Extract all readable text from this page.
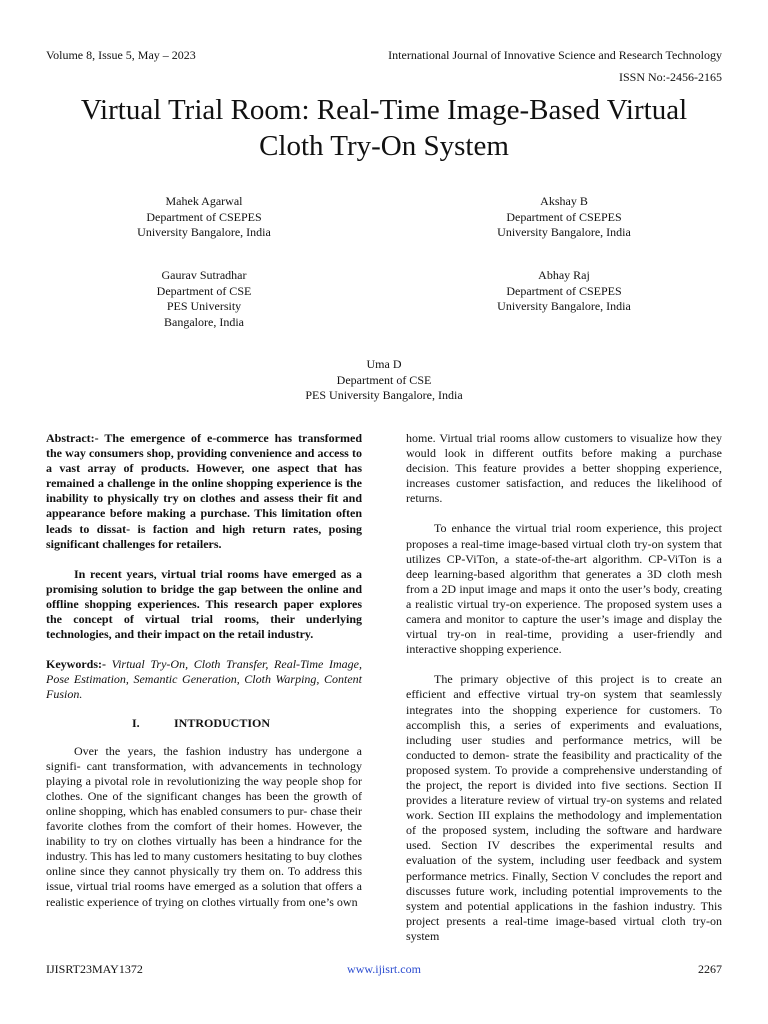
Volume 8, Issue 5, May – 2023	International Journal of Innovative Science and Research Technology
ISSN No:-2456-2165
Virtual Trial Room: Real-Time Image-Based Virtual
Cloth Try-On System
Mahek Agarwal
Department of CSEPES
University Bangalore, India
Akshay B
Department of CSEPES
University Bangalore, India
Gaurav Sutradhar
Department of CSE
PES University
Bangalore, India
Abhay Raj
Department of CSEPES
University Bangalore, India
Uma D
Department of CSE
PES University Bangalore, India

Abstract:- The emergence of e-commerce has transformed the way consumers shop, providing convenience and access to a vast array of products. However, one aspect that has remained a challenge in the online shopping experience is the inability to physically try on clothes and assess their fit and appearance before making a purchase. This limitation often leads to dissat- is faction and high return rates, posing significant challenges for retailers.

In recent years, virtual trial rooms have emerged as a promising solution to bridge the gap between the online and offline shopping experiences. This research paper explores the concept of virtual trial rooms, their underlying technologies, and their impact on the retail industry.

Keywords:- Virtual Try-On, Cloth Transfer, Real-Time Image, Pose Estimation, Semantic Generation, Cloth Warping, Content Fusion.

I.	INTRODUCTION

Over the years, the fashion industry has undergone a signifi- cant transformation, with advancements in technology playing a pivotal role in revolutionizing the way people shop for clothes. One of the significant changes has been the growth of online shopping, which has enabled consumers to pur- chase their favorite clothes from the comfort of their homes. However, the inability to try on clothes virtually has been a hindrance for the industry. This has led to many customers hesitating to buy clothes online since they cannot physically try them on. To address this issue, virtual trial rooms have emerged as a solution that offers a realistic experience of trying on clothes virtually from one’s own

home. Virtual trial rooms allow customers to visualize how they would look in different outfits before making a purchase decision. This feature provides a better shopping experience, increases customer satisfaction, and reduces the likelihood of returns.

To enhance the virtual trial room experience, this project proposes a real-time image-based virtual cloth try-on system that utilizes CP-ViTon, a state-of-the-art algorithm. CP-ViTon is a deep learning-based algorithm that generates a 3D cloth mesh from a 2D input image and maps it onto the user’s body, creating a realistic virtual try-on experience. The proposed system uses a camera and monitor to capture the user’s image and display the virtual try-on in real-time, providing a user-friendly and interactive shopping experience.

The primary objective of this project is to create an efficient and effective virtual try-on system that seamlessly integrates into the shopping experience for customers. To accomplish this, a series of experiments and evaluations, including user studies and performance metrics, will be conducted to demon- strate the feasibility and practicality of the proposed system. To provide a comprehensive understanding of the project, the report is divided into five sections. Section II provides a literature review of virtual try-on systems and related work. Section III explains the methodology and implementation of the proposed system, including the software and hardware used. Section IV describes the experimental results and evaluation of the system, including user feedback and system performance metrics. Finally, Section V concludes the report and discusses future work, including potential improvements to the system and potential applications in the fashion industry. This project presents a real-time image-based virtual cloth try-on system

IJISRT23MAY1372	www.ijisrt.com	2267
